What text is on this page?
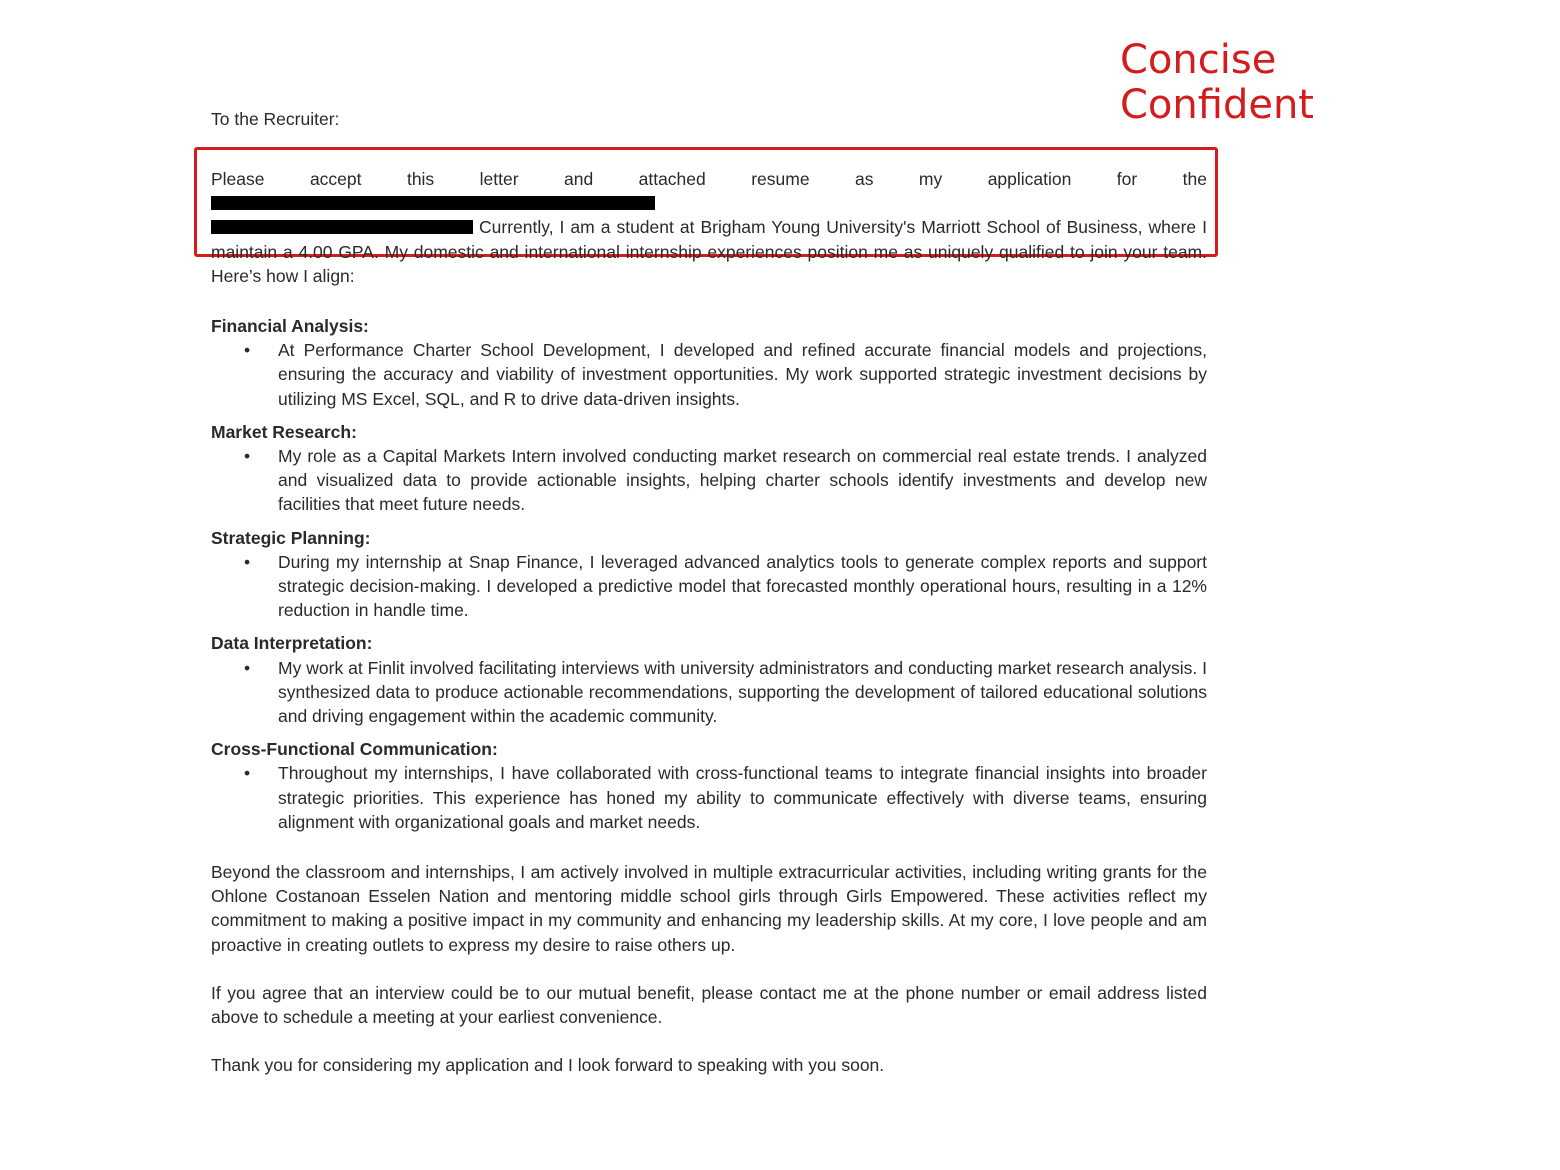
Concise
Confident

To the Recruiter:

Please accept this letter and attached resume as my application for the
Currently, I am a student at Brigham Young University's Marriott School of Business, where I maintain a 4.00 GPA. My domestic and international internship experiences position me as uniquely qualified to join your team. Here’s how I align:

Financial Analysis:

• At Performance Charter School Development, I developed and refined accurate financial models and projections, ensuring the accuracy and viability of investment opportunities. My work supported strategic investment decisions by utilizing MS Excel, SQL, and R to drive data-driven insights.

Market Research:

• My role as a Capital Markets Intern involved conducting market research on commercial real estate trends. I analyzed and visualized data to provide actionable insights, helping charter schools identify investments and develop new facilities that meet future needs.

Strategic Planning:

• During my internship at Snap Finance, I leveraged advanced analytics tools to generate complex reports and support strategic decision-making. I developed a predictive model that forecasted monthly operational hours, resulting in a 12% reduction in handle time.

Data Interpretation:

• My work at Finlit involved facilitating interviews with university administrators and conducting market research analysis. I synthesized data to produce actionable recommendations, supporting the development of tailored educational solutions and driving engagement within the academic community.

Cross-Functional Communication:

• Throughout my internships, I have collaborated with cross-functional teams to integrate financial insights into broader strategic priorities. This experience has honed my ability to communicate effectively with diverse teams, ensuring alignment with organizational goals and market needs.

Beyond the classroom and internships, I am actively involved in multiple extracurricular activities, including writing grants for the Ohlone Costanoan Esselen Nation and mentoring middle school girls through Girls Empowered. These activities reflect my commitment to making a positive impact in my community and enhancing my leadership skills. At my core, I love people and am proactive in creating outlets to express my desire to raise others up.

If you agree that an interview could be to our mutual benefit, please contact me at the phone number or email address listed above to schedule a meeting at your earliest convenience.

Thank you for considering my application and I look forward to speaking with you soon.
